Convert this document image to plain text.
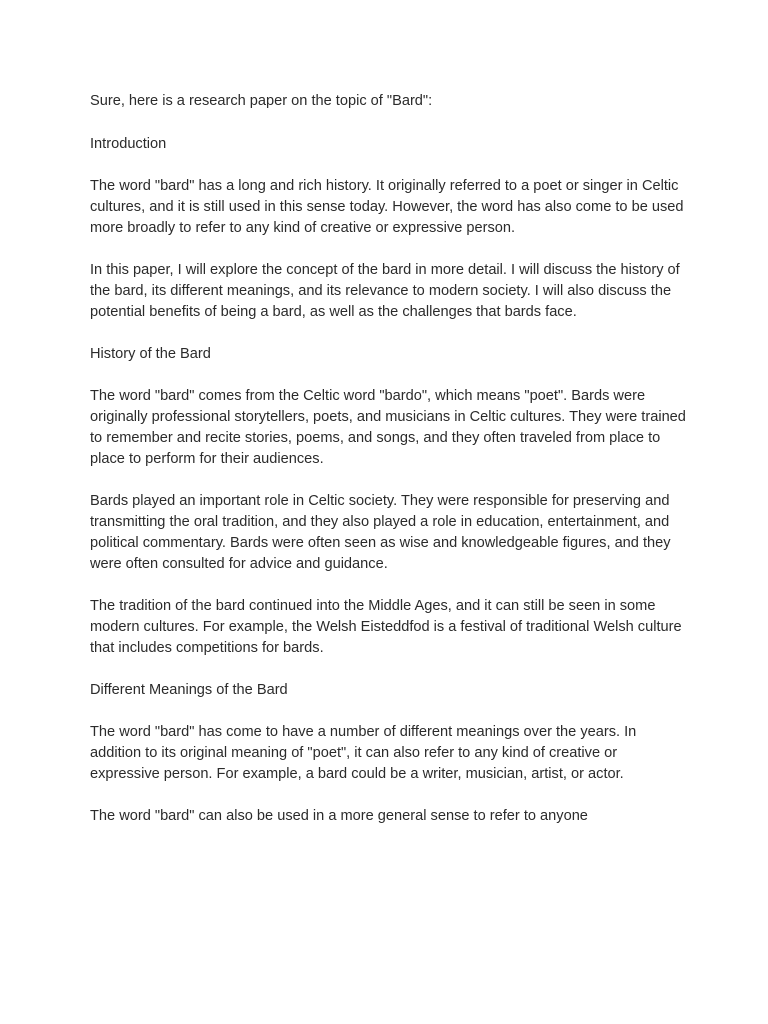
Sure, here is a research paper on the topic of "Bard":

Introduction

The word "bard" has a long and rich history. It originally referred to a poet or singer in Celtic cultures, and it is still used in this sense today. However, the word has also come to be used more broadly to refer to any kind of creative or expressive person.

In this paper, I will explore the concept of the bard in more detail. I will discuss the history of the bard, its different meanings, and its relevance to modern society. I will also discuss the potential benefits of being a bard, as well as the challenges that bards face.

History of the Bard

The word "bard" comes from the Celtic word "bardo", which means "poet". Bards were originally professional storytellers, poets, and musicians in Celtic cultures. They were trained to remember and recite stories, poems, and songs, and they often traveled from place to place to perform for their audiences.

Bards played an important role in Celtic society. They were responsible for preserving and transmitting the oral tradition, and they also played a role in education, entertainment, and political commentary. Bards were often seen as wise and knowledgeable figures, and they were often consulted for advice and guidance.

The tradition of the bard continued into the Middle Ages, and it can still be seen in some modern cultures. For example, the Welsh Eisteddfod is a festival of traditional Welsh culture that includes competitions for bards.

Different Meanings of the Bard

The word "bard" has come to have a number of different meanings over the years. In addition to its original meaning of "poet", it can also refer to any kind of creative or expressive person. For example, a bard could be a writer, musician, artist, or actor.

The word "bard" can also be used in a more general sense to refer to anyone
